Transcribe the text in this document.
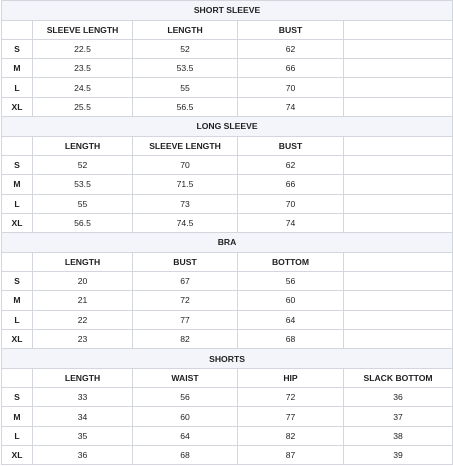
SHORT SLEEVE				
	SLEEVE LENGTH	LENGTH	BUST	
S	22.5	52	62	
M	23.5	53.5	66	
L	24.5	55	70	
XL	25.5	56.5	74	
LONG SLEEVE				
	LENGTH	SLEEVE LENGTH	BUST	
S	52	70	62	
M	53.5	71.5	66	
L	55	73	70	
XL	56.5	74.5	74	
BRA				
	LENGTH	BUST	BOTTOM	
S	20	67	56	
M	21	72	60	
L	22	77	64	
XL	23	82	68	
SHORTS				
	LENGTH	WAIST	HIP	SLACK BOTTOM
S	33	56	72	36
M	34	60	77	37
L	35	64	82	38
XL	36	68	87	39
